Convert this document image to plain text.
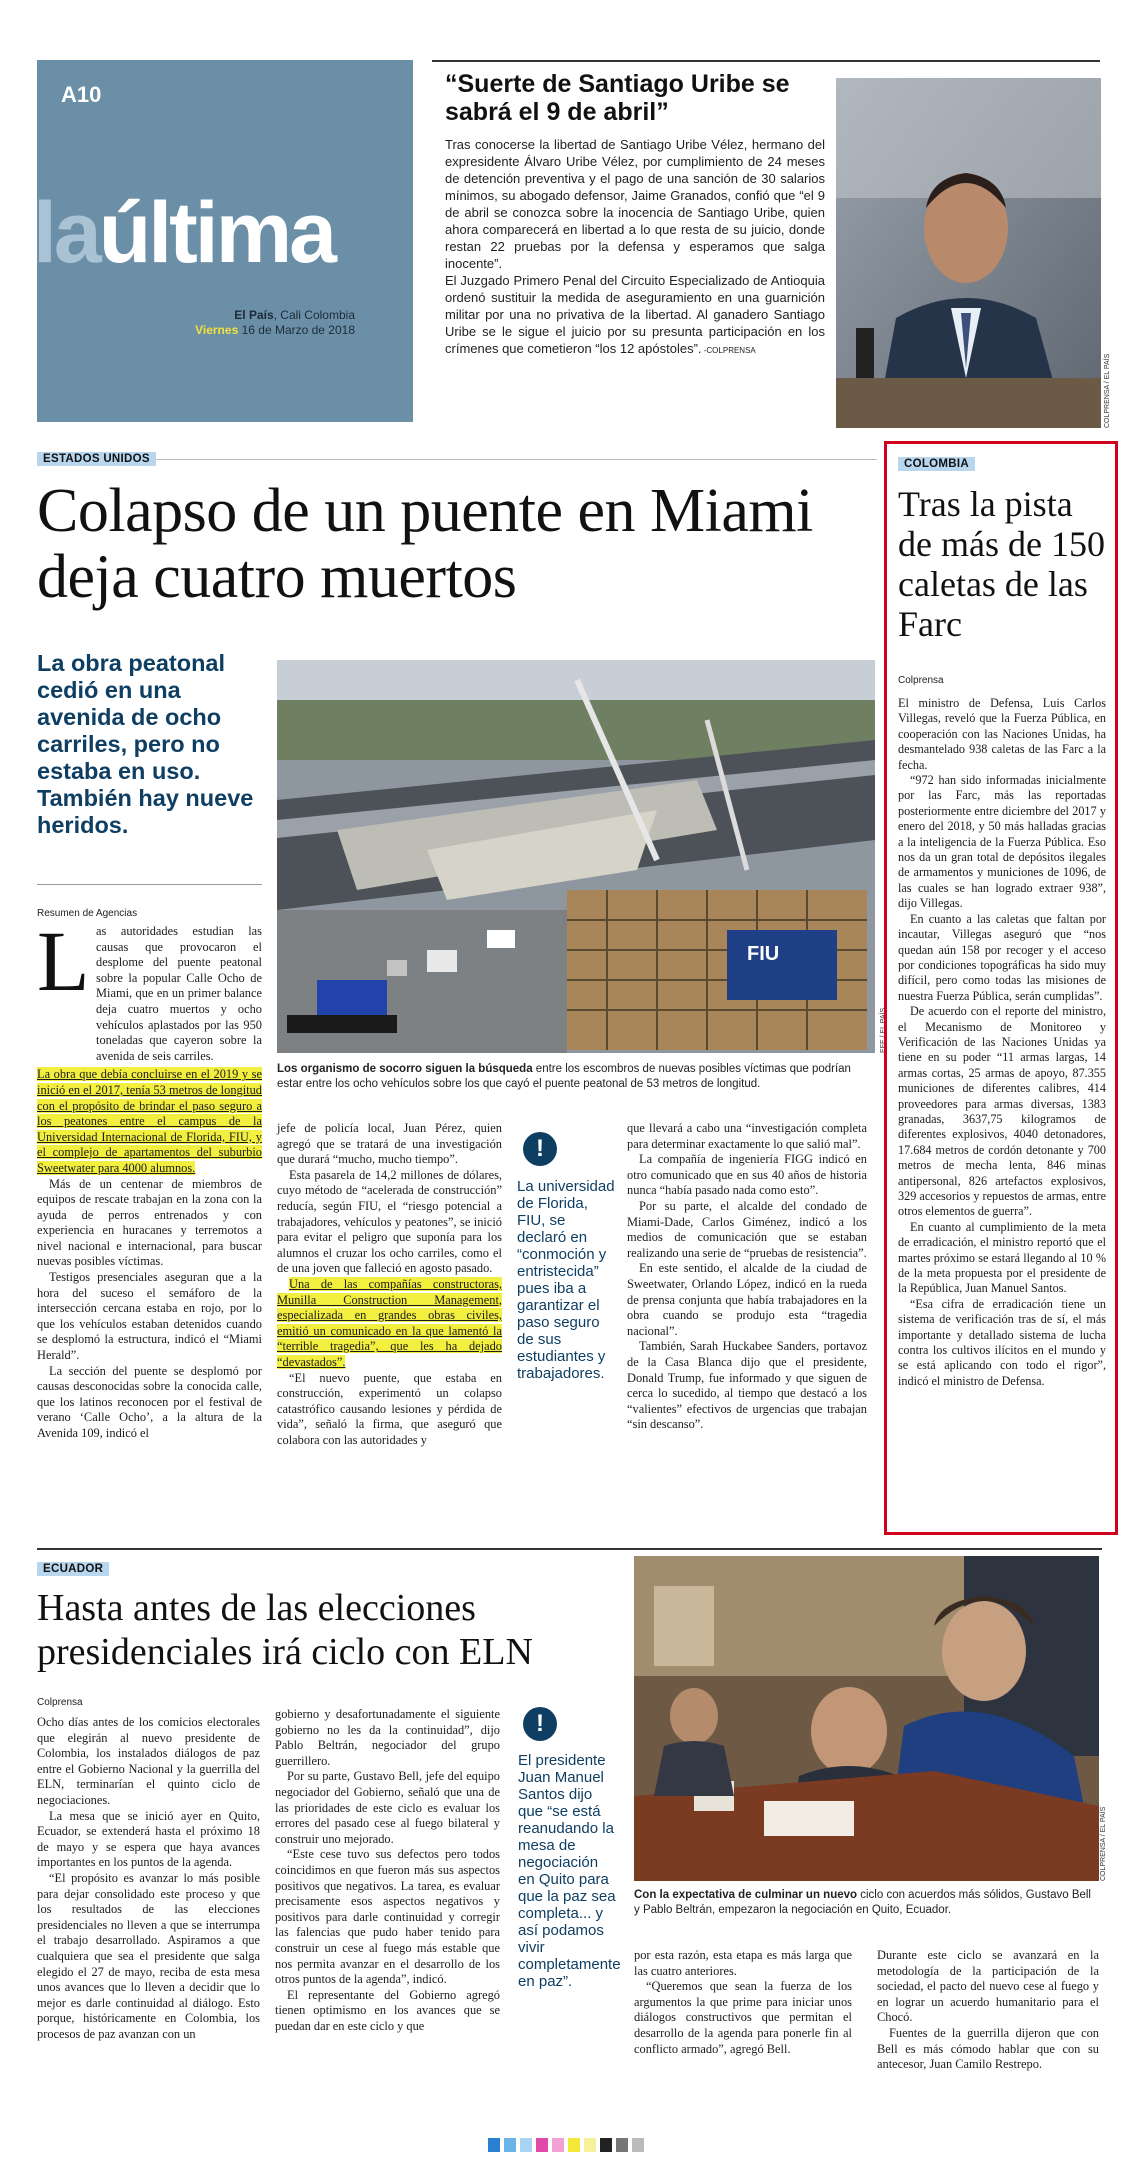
A10
laúltima
El País, Cali Colombia
Viernes 16 de Marzo de 2018
“Suerte de Santiago Uribe se sabrá el 9 de abril”

Tras conocerse la libertad de Santiago Uribe Vélez, hermano del expresidente Álvaro Uribe Vélez, por cumplimiento de 24 meses de detención preventiva y el pago de una sanción de 30 salarios mínimos, su abogado defensor, Jaime Granados, confió que “el 9 de abril se conozca sobre la inocencia de Santiago Uribe, quien ahora comparecerá en libertad a lo que resta de su juicio, donde restan 22 pruebas por la defensa y esperamos que salga inocente”.

El Juzgado Primero Penal del Circuito Especializado de Antioquia ordenó sustituir la medida de aseguramiento en una guarnición militar por una no privativa de la libertad. Al ganadero Santiago Uribe se le sigue el juicio por su presunta participación en los crímenes que cometieron “los 12 apóstoles”. -COLPRENSA

COLPRENSA / EL PAÍS
ESTADOS UNIDOS
Colapso de un puente en Miami deja cuatro muertos
La obra peatonal cedió en una avenida de ocho carriles, pero no estaba en uso. También hay nueve heridos.
Resumen de Agencias
FIU
EFE / EL PAÍS
Los organismo de socorro siguen la búsqueda entre los escombros de nuevas posibles víctimas que podrían estar entre los ocho vehículos sobre los que cayó el puente peatonal de 53 metros de longitud.
L as autoridades estudian las causas que provocaron el desplome del puente peatonal sobre la popular Calle Ocho de Miami, que en un primer balance deja cuatro muertos y ocho vehículos aplastados por las 950 toneladas que cayeron sobre la avenida de seis carriles.

La obra que debía concluirse en el 2019 y se inició en el 2017, tenía 53 metros de longitud con el propósito de brindar el paso seguro a los peatones entre el campus de la Universidad Internacional de Florida, FIU, y el complejo de apartamentos del suburbio Sweetwater para 4000 alumnos.

Más de un centenar de miembros de equipos de rescate trabajan en la zona con la ayuda de perros entrenados y con experiencia en huracanes y terremotos a nivel nacional e internacional, para buscar nuevas posibles víctimas.

Testigos presenciales aseguran que a la hora del suceso el semáforo de la intersección cercana estaba en rojo, por lo que los vehículos estaban detenidos cuando se desplomó la estructura, indicó el “Miami Herald”.

La sección del puente se desplomó por causas desconocidas sobre la conocida calle, que los latinos reconocen por el festival de verano ‘Calle Ocho’, a la altura de la Avenida 109, indicó el

jefe de policía local, Juan Pérez, quien agregó que se tratará de una investigación que durará “mucho, mucho tiempo”.

Esta pasarela de 14,2 millones de dólares, cuyo método de “acelerada de construcción” reducía, según FIU, el “riesgo potencial a trabajadores, vehículos y peatones”, se inició para evitar el peligro que suponía para los alumnos el cruzar los ocho carriles, como el de una joven que falleció en agosto pasado.

Una de las compañías constructoras, Munilla Construction Management, especializada en grandes obras civiles, emitió un comunicado en la que lamentó la “terrible tragedia”, que les ha dejado “devastados”.

“El nuevo puente, que estaba en construcción, experimentó un colapso catastrófico causando lesiones y pérdida de vida”, señaló la firma, que aseguró que colabora con las autoridades y

!
La universidad de Florida, FIU, se declaró en “conmoción y entristecida” pues iba a garantizar el paso seguro de sus estudiantes y trabajadores.

que llevará a cabo una “investigación completa para determinar exactamente lo que salió mal”.

La compañía de ingeniería FIGG indicó en otro comunicado que en sus 40 años de historia nunca “había pasado nada como esto”.

Por su parte, el alcalde del condado de Miami-Dade, Carlos Giménez, indicó a los medios de comunicación que se estaban realizando una serie de “pruebas de resistencia”.

En este sentido, el alcalde de la ciudad de Sweetwater, Orlando López, indicó en la rueda de prensa conjunta que había trabajadores en la obra cuando se produjo esta “tragedia nacional”.

También, Sarah Huckabee Sanders, portavoz de la Casa Blanca dijo que el presidente, Donald Trump, fue informado y que siguen de cerca lo sucedido, al tiempo que destacó a los “valientes” efectivos de urgencias que trabajan “sin descanso”.

COLOMBIA
Tras la pista de más de 150 caletas de las Farc
Colprensa

El ministro de Defensa, Luis Carlos Villegas, reveló que la Fuerza Pública, en cooperación con las Naciones Unidas, ha desmantelado 938 caletas de las Farc a la fecha.

“972 han sido informadas inicialmente por las Farc, más las reportadas posteriormente entre diciembre del 2017 y enero del 2018, y 50 más halladas gracias a la inteligencia de la Fuerza Pública. Eso nos da un gran total de depósitos ilegales de armamentos y municiones de 1096, de las cuales se han logrado extraer 938”, dijo Villegas.

En cuanto a las caletas que faltan por incautar, Villegas aseguró que “nos quedan aún 158 por recoger y el acceso por condiciones topográficas ha sido muy difícil, pero como todas las misiones de nuestra Fuerza Pública, serán cumplidas”.

De acuerdo con el reporte del ministro, el Mecanismo de Monitoreo y Verificación de las Naciones Unidas ya tiene en su poder “11 armas largas, 14 armas cortas, 25 armas de apoyo, 87.355 municiones de diferentes calibres, 414 proveedores para armas diversas, 1383 granadas, 3637,75 kilogramos de diferentes explosivos, 4040 detonadores, 17.684 metros de cordón detonante y 700 metros de mecha lenta, 846 minas antipersonal, 826 artefactos explosivos, 329 accesorios y repuestos de armas, entre otros elementos de guerra”.

En cuanto al cumplimiento de la meta de erradicación, el ministro reportó que el martes próximo se estará llegando al 10 % de la meta propuesta por el presidente de la República, Juan Manuel Santos.

“Esa cifra de erradicación tiene un sistema de verificación tras de sí, el más importante y detallado sistema de lucha contra los cultivos ilícitos en el mundo y se está aplicando con todo el rigor”, indicó el ministro de Defensa.

ECUADOR
Hasta antes de las elecciones presidenciales irá ciclo con ELN
Colprensa

Ocho días antes de los comicios electorales que elegirán al nuevo presidente de Colombia, los instalados diálogos de paz entre el Gobierno Nacional y la guerrilla del ELN, terminarían el quinto ciclo de negociaciones.

La mesa que se inició ayer en Quito, Ecuador, se extenderá hasta el próximo 18 de mayo y se espera que haya avances importantes en los puntos de la agenda.

“El propósito es avanzar lo más posible para dejar consolidado este proceso y que los resultados de las elecciones presidenciales no lleven a que se interrumpa el trabajo desarrollado. Aspiramos a que cualquiera que sea el presidente que salga elegido el 27 de mayo, reciba de esta mesa unos avances que lo lleven a decidir que lo mejor es darle continuidad al diálogo. Esto porque, históricamente en Colombia, los procesos de paz avanzan con un

gobierno y desafortunadamente el siguiente gobierno no les da la continuidad”, dijo Pablo Beltrán, negociador del grupo guerrillero.

Por su parte, Gustavo Bell, jefe del equipo negociador del Gobierno, señaló que una de las prioridades de este ciclo es evaluar los errores del pasado cese al fuego bilateral y construir uno mejorado.

“Este cese tuvo sus defectos pero todos coincidimos en que fueron más sus aspectos positivos que negativos. La tarea, es evaluar precisamente esos aspectos negativos y positivos para darle continuidad y corregir las falencias que pudo haber tenido para construir un cese al fuego más estable que nos permita avanzar en el desarrollo de los otros puntos de la agenda”, indicó.

El representante del Gobierno agregó tienen optimismo en los avances que se puedan dar en este ciclo y que

!
El presidente Juan Manuel Santos dijo que “se está reanudando la mesa de negociación en Quito para que la paz sea completa... y así podamos vivir completamente en paz”.
COLPRENSA / EL PAÍS
Con la expectativa de culminar un nuevo ciclo con acuerdos más sólidos, Gustavo Bell y Pablo Beltrán, empezaron la negociación en Quito, Ecuador.

por esta razón, esta etapa es más larga que las cuatro anteriores.

“Queremos que sean la fuerza de los argumentos la que prime para iniciar unos diálogos constructivos que permitan el desarrollo de la agenda para ponerle fin al conflicto armado”, agregó Bell.

Durante este ciclo se avanzará en la metodología de la participación de la sociedad, el pacto del nuevo cese al fuego y en lograr un acuerdo humanitario para el Chocó.

Fuentes de la guerrilla dijeron que con Bell es más cómodo hablar que con su antecesor, Juan Camilo Restrepo.
